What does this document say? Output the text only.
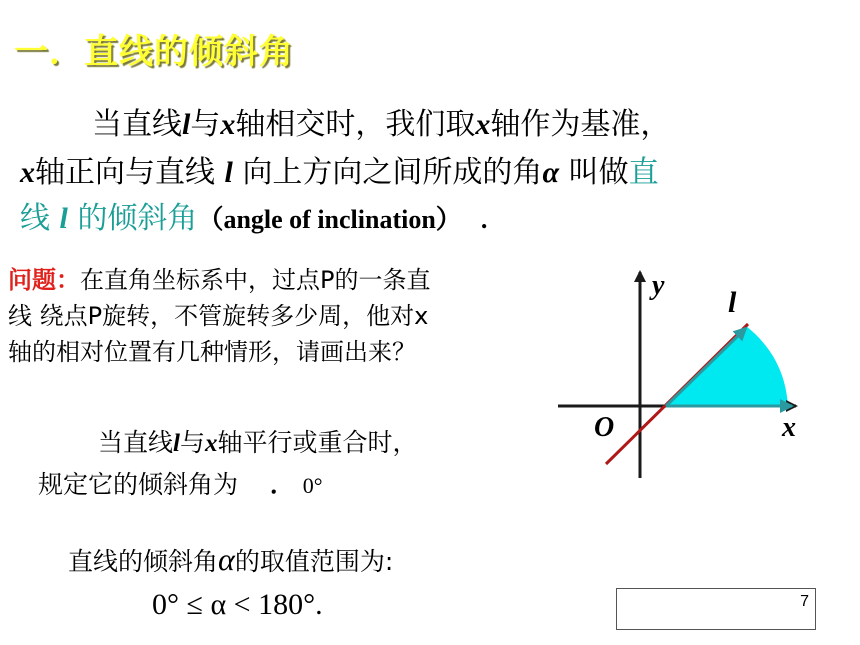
一．直线的倾斜角
当直线l与x轴相交时，我们取x轴作为基准，
x轴正向与直线 l 向上方向之间所成的角α 叫做直
线 l 的倾斜角（angle of inclination） .
问题：在直角坐标系中，过点P的一条直
线 绕点P旋转，不管旋转多少周，他对x
轴的相对位置有几种情形，请画出来？
y
l
O	x
当直线l与x轴平行或重合时，
规定它的倾斜角为 ． 0°
直线的倾斜角α的取值范围为:
0° ≤ α < 180°.	7
